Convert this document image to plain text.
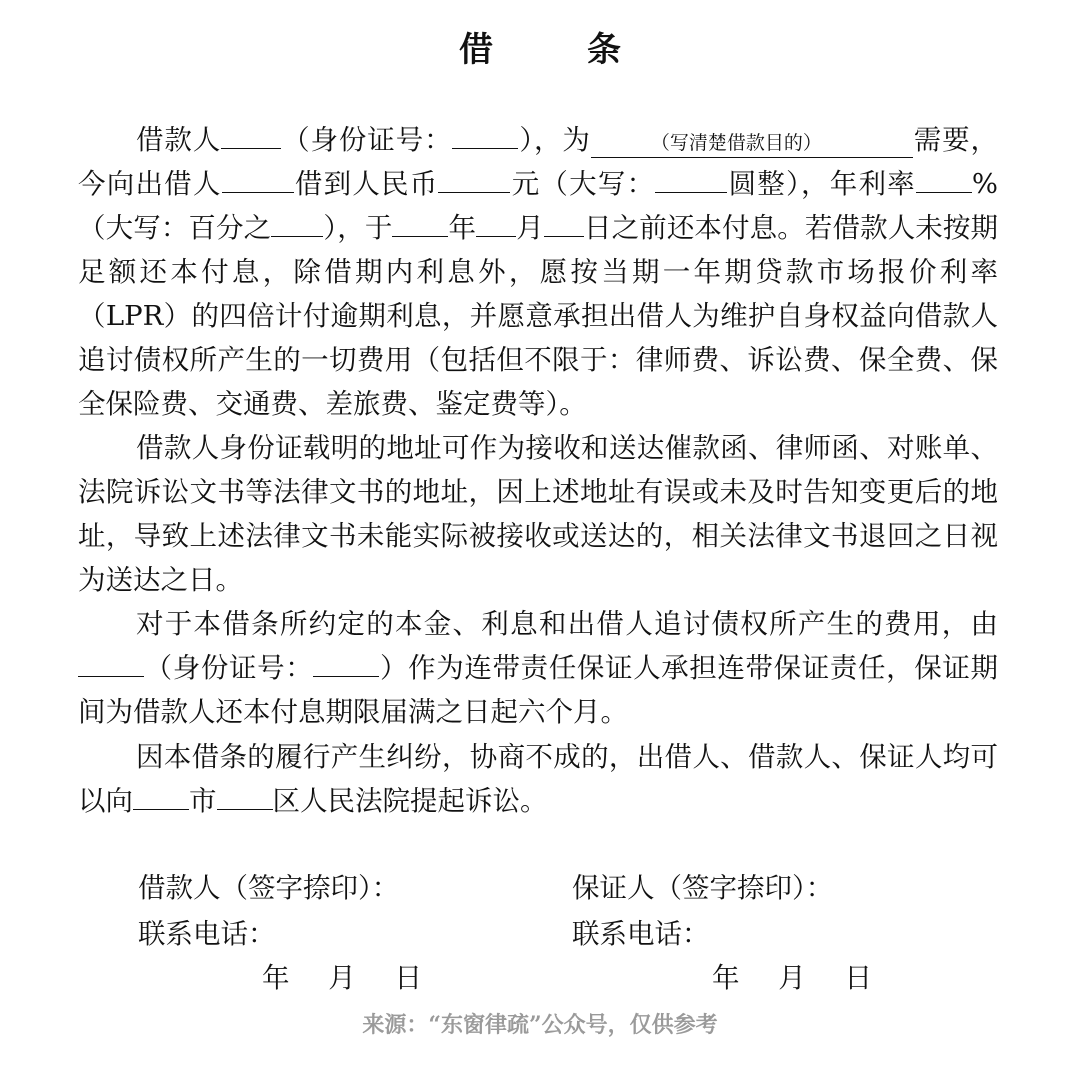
借　条

借款人 （身份证号： ），为	（写清楚借款目的）	需要，今向出借人	借到人民币	元（大写：	圆整），年利率 %（大写：百分之 ），于 年 月 日之前还本付息。若借款人未按期足额还本付息，除借期内利息外，愿按当期一年期贷款市场报价利率（LPR）的四倍计付逾期利息，并愿意承担出借人为维护自身权益向借款人追讨债权所产生的一切费用（包括但不限于：律师费、诉讼费、保全费、保全保险费、交通费、差旅费、鉴定费等）。

借款人身份证载明的地址可作为接收和送达催款函、律师函、对账单、法院诉讼文书等法律文书的地址，因上述地址有误或未及时告知变更后的地址，导致上述法律文书未能实际被接收或送达的，相关法律文书退回之日视为送达之日。

对于本借条所约定的本金、利息和出借人追讨债权所产生的费用，由（身份证号： ）作为连带责任保证人承担连带保证责任，保证期间为借款人还本付息期限届满之日起六个月。

因本借条的履行产生纠纷，协商不成的，出借人、借款人、保证人均可以向 市 区人民法院提起诉讼。

借款人（签字捺印）：
联系电话：
年 月 日
保证人（签字捺印）：
联系电话：
年 月 日
来源：“东窗律疏”公众号，仅供参考
